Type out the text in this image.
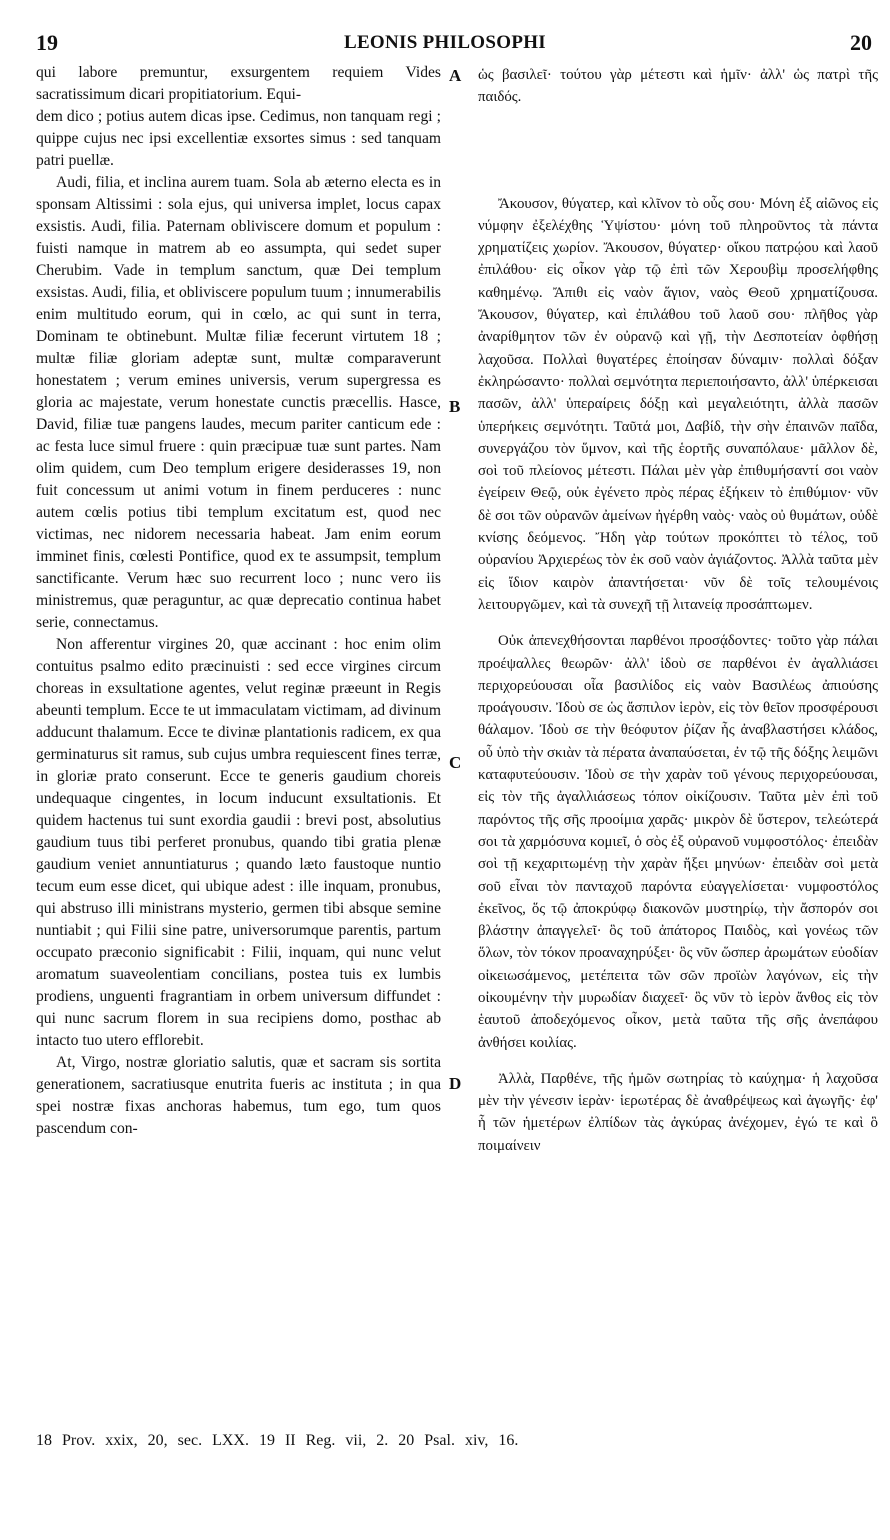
19	LEONIS PHILOSOPHI	20
A
B
C
D

qui labore premuntur, exsurgentem requiem Vides sacratissimum dicari propitiatorium. Equi-

dem dico ; potius autem dicas ipse. Cedimus, non tanquam regi ; quippe cujus nec ipsi excellentiæ exsortes simus : sed tanquam patri puellæ.

Audi, filia, et inclina aurem tuam. Sola ab æterno electa es in sponsam Altissimi : sola ejus, qui universa implet, locus capax exsistis. Audi, filia. Paternam obliviscere domum et populum : fuisti namque in matrem ab eo assumpta, qui sedet super Cherubim. Vade in templum sanctum, quæ Dei templum exsistas. Audi, filia, et obliviscere populum tuum ; innumerabilis enim multitudo eorum, qui in cœlo, ac qui sunt in terra, Dominam te obtinebunt. Multæ filiæ fecerunt virtutem 18 ; multæ filiæ gloriam adeptæ sunt, multæ comparaverunt honestatem ; verum emines universis, verum supergressa es gloria ac majestate, verum honestate cunctis præcellis. Hasce, David, filiæ tuæ pangens laudes, mecum pariter canticum ede : ac festa luce simul fruere : quin præcipuæ tuæ sunt partes. Nam olim quidem, cum Deo templum erigere desiderasses 19, non fuit concessum ut animi votum in finem perduceres : nunc autem cœlis potius tibi templum excitatum est, quod nec victimas, nec nidorem necessaria habeat. Jam enim eorum imminet finis, cœlesti Pontifice, quod ex te assumpsit, templum sanctificante. Verum hæc suo recurrent loco ; nunc vero iis ministremus, quæ peraguntur, ac quæ deprecatio continua habet serie, connectamus.

Non afferentur virgines 20, quæ accinant : hoc enim olim contuitus psalmo edito præcinuisti : sed ecce virgines circum choreas in exsultatione agentes, velut reginæ præeunt in Regis abeunti templum. Ecce te ut immaculatam victimam, ad divinum adducunt thalamum. Ecce te divinæ plantationis radicem, ex qua germinaturus sit ramus, sub cujus umbra requiescent fines terræ, in gloriæ prato conserunt. Ecce te generis gaudium choreis undequaque cingentes, in locum inducunt exsultationis. Et quidem hactenus tui sunt exordia gaudii : brevi post, absolutius gaudium tuus tibi perferet pronubus, quando tibi gratia plenæ gaudium veniet annuntiaturus ; quando læto faustoque nuntio tecum eum esse dicet, qui ubique adest : ille inquam, pronubus, qui abstruso illi ministrans mysterio, germen tibi absque semine nuntiabit ; qui Filii sine patre, universorumque parentis, partum occupato præconio significabit : Filii, inquam, qui nunc velut aromatum suaveolentiam concilians, postea tuis ex lumbis prodiens, unguenti fragrantiam in orbem universum diffundet : qui nunc sacrum florem in sua recipiens domo, posthac ab intacto tuo utero efflorebit.

At, Virgo, nostræ gloriatio salutis, quæ et sacram sis sortita generationem, sacratiusque enutrita fueris ac instituta ; in qua spei nostræ fixas anchoras habemus, tum ego, tum quos pascendum con-

ὡς βασιλεῖ· τούτου γὰρ μέτεστι καὶ ἡμῖν· ἀλλ' ὡς πατρὶ τῆς παιδός.

Ἄκουσον, θύγατερ, καὶ κλῖνον τὸ οὖς σου· Μόνη ἐξ αἰῶνος εἰς νύμφην ἐξελέχθης Ὑψίστου· μόνη τοῦ πληροῦντος τὰ πάντα χρηματίζεις χωρίον. Ἄκουσον, θύγατερ· οἴκου πατρῴου καὶ λαοῦ ἐπιλάθου· εἰς οἶκον γὰρ τῷ ἐπὶ τῶν Χερουβὶμ προσελήφθης καθημένῳ. Ἄπιθι εἰς ναὸν ἅγιον, ναὸς Θεοῦ χρηματίζουσα. Ἄκουσον, θύγατερ, καὶ ἐπιλάθου τοῦ λαοῦ σου· πλῆθος γὰρ ἀναρίθμητον τῶν ἐν οὐρανῷ καὶ γῇ, τὴν Δεσποτείαν ὀφθήσῃ λαχοῦσα. Πολλαὶ θυγατέρες ἐποίησαν δύναμιν· πολλαὶ δόξαν ἐκληρώσαντο· πολλαὶ σεμνότητα περιεποιήσαντο, ἀλλ' ὑπέρκεισαι πασῶν, ἀλλ' ὑπεραίρεις δόξῃ καὶ μεγαλειότητι, ἀλλὰ πασῶν ὑπερήκεις σεμνότητι. Ταῦτά μοι, Δαβίδ, τὴν σὴν ἐπαινῶν παῖδα, συνεργάζου τὸν ὕμνον, καὶ τῆς ἑορτῆς συναπόλαυε· μᾶλλον δὲ, σοὶ τοῦ πλείονος μέτεστι. Πάλαι μὲν γὰρ ἐπιθυμήσαντί σοι ναὸν ἐγείρειν Θεῷ, οὐκ ἐγένετο πρὸς πέρας ἐξήκειν τὸ ἐπιθύμιον· νῦν δὲ σοι τῶν οὐρανῶν ἀμείνων ἠγέρθη ναὸς· ναὸς οὐ θυμάτων, οὐδὲ κνίσης δεόμενος. Ἤδη γὰρ τούτων προκόπτει τὸ τέλος, τοῦ οὐρανίου Ἀρχιερέως τὸν ἐκ σοῦ ναὸν ἁγιάζοντος. Ἀλλὰ ταῦτα μὲν εἰς ἴδιον καιρὸν ἀπαντήσεται· νῦν δὲ τοῖς τελουμένοις λειτουργῶμεν, καὶ τὰ συνεχῆ τῇ λιτανείᾳ προσάπτωμεν.

Οὐκ ἀπενεχθήσονται παρθένοι προσᾴδοντες· τοῦτο γὰρ πάλαι προέψαλλες θεωρῶν· ἀλλ' ἰδοὺ σε παρθένοι ἐν ἀγαλλιάσει περιχορεύουσαι οἷα βασιλίδος εἰς ναὸν Βασιλέως ἀπιούσης προάγουσιν. Ἰδοὺ σε ὡς ἄσπιλον ἱερὸν, εἰς τὸν θεῖον προσφέρουσι θάλαμον. Ἰδοὺ σε τὴν θεόφυτον ῥίζαν ἧς ἀναβλαστήσει κλάδος, οὗ ὑπὸ τὴν σκιὰν τὰ πέρατα ἀναπαύσεται, ἐν τῷ τῆς δόξης λειμῶνι καταφυτεύουσιν. Ἰδοὺ σε τὴν χαρὰν τοῦ γένους περιχορεύουσαι, εἰς τὸν τῆς ἀγαλλιάσεως τόπον οἰκίζουσιν. Ταῦτα μὲν ἐπὶ τοῦ παρόντος τῆς σῆς προοίμια χαρᾶς· μικρὸν δὲ ὕστερον, τελεώτερά σοι τὰ χαρμόσυνα κομιεῖ, ὁ σὸς ἐξ οὐρανοῦ νυμφοστόλος· ἐπειδὰν σοὶ τῇ κεχαριτωμένῃ τὴν χαρὰν ἥξει μηνύων· ἐπειδὰν σοὶ μετὰ σοῦ εἶναι τὸν πανταχοῦ παρόντα εὐαγγελίσεται· νυμφοστόλος ἐκεῖνος, ὅς τῷ ἀποκρύφῳ διακονῶν μυστηρίῳ, τὴν ἄσπορόν σοι βλάστην ἀπαγγελεῖ· ὃς τοῦ ἀπάτορος Παιδὸς, καὶ γονέως τῶν ὅλων, τὸν τόκον προαναχηρύξει· ὃς νῦν ὥσπερ ἀρωμάτων εὐοδίαν οἰκειωσάμενος, μετέπειτα τῶν σῶν προϊὼν λαγόνων, εἰς τὴν οἰκουμένην τὴν μυρωδίαν διαχεεῖ· ὃς νῦν τὸ ἱερὸν ἄνθος εἰς τὸν ἑαυτοῦ ἀποδεχόμενος οἶκον, μετὰ ταῦτα τῆς σῆς ἀνεπάφου ἀνθήσει κοιλίας.

Ἀλλὰ, Παρθένε, τῆς ἡμῶν σωτηρίας τὸ καύχημα· ἡ λαχοῦσα μὲν τὴν γένεσιν ἱερὰν· ἱερωτέρας δὲ ἀναθρέψεως καὶ ἀγωγῆς· ἐφ' ἧ τῶν ἡμετέρων ἐλπίδων τὰς ἀγκύρας ἀνέχομεν, ἐγώ τε καὶ ὃ ποιμαίνειν

18 Prov. xxix, 20, sec. LXX. 19 II Reg. vii, 2. 20 Psal. xiv, 16.
